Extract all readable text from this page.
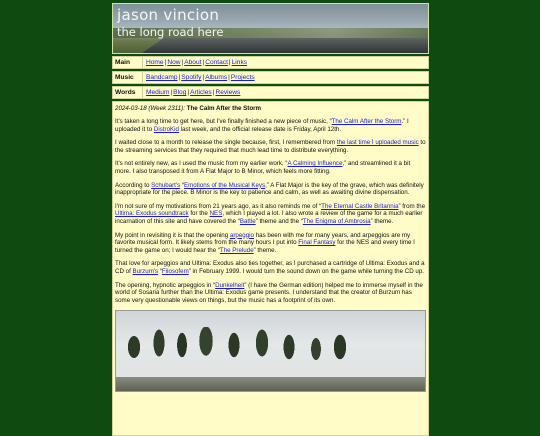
jason vincion
the long road here
Main	Home|Now|About|Contact|Links
Music	Bandcamp|Spotify|Albums|Projects
Words	Medium|Blog|Articles|Reviews

2024-03-18 (Week 2311): The Calm After the Storm

It's taken a long time to get here, but I've finally finished a new piece of music, “The Calm After the Storm.” I uploaded it to DistroKid last week, and the official release date is Friday, April 12th.

I waited close to a month to release the single because, first, I remembered from the last time I uploaded music to the streaming services that they required that much lead time to distribute everything.

It's not entirely new, as I used the music from my earlier work, “A Calming Influence,” and streamlined it a bit more. I also transposed it from A Flat Major to B Minor, which feels more fitting.

According to Schubart's “Emotions of the Musical Keys,” A Flat Major is the key of the grave, which was definitely inappropriate for the piece. B Minor is the key to patience and calm, as well as awaiting divine dispensation.

I'm not sure of my motivations from 21 years ago, as it also reminds me of “The Eternal Castle Britannia” from the Ultima: Exodus soundtrack for the NES, which I played a lot. I also wrote a review of the game for a much earlier incarnation of this site and have covered the “Battle” theme and the “The Enigma of Ambrosia” theme.

My point in revisiting it is that the opening arpeggio has been with me for many years, and arpeggios are my favorite musical form. It likely stems from the many hours I put into Final Fantasy for the NES and every time I turned the game on; I would hear the “The Prelude” theme.

That love for arpeggios and Ultima: Exodus also ties together, as I purchased a cartridge of Ultima: Exodus and a CD of Burzum's “Filosofem” in February 1999. I would turn the sound down on the game while turning the CD up.

The opening, hypnotic arpeggios in “Dunkelheit” (I have the German edition) helped me to immerse myself in the world of Sosaria further than the Ultima: Exodus game presents. I understand that the creator of Burzum has some very questionable views on things, but the music has a footprint of its own.
